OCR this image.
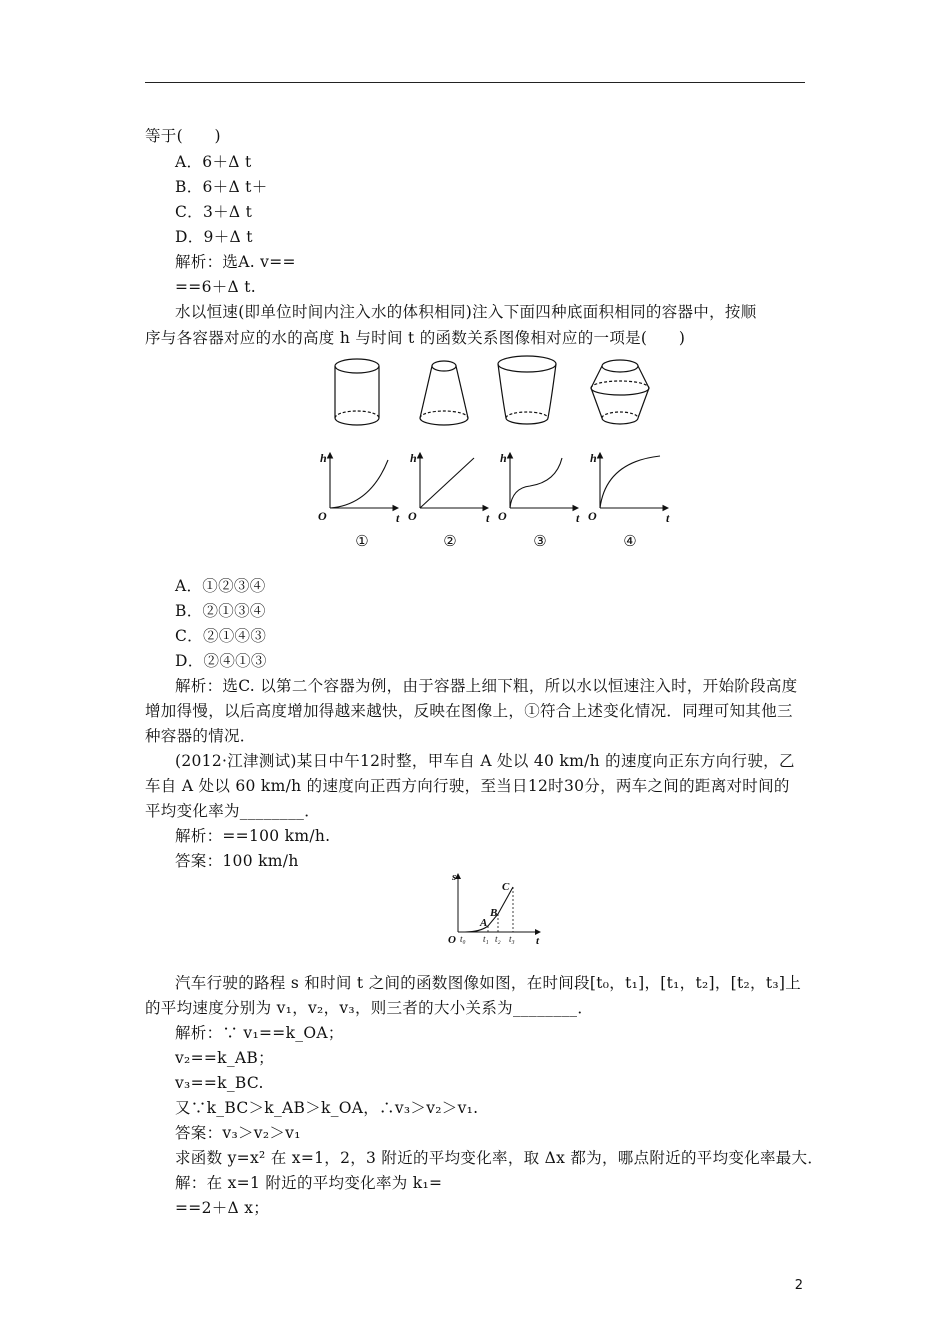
等于(　　)
A．6＋Δ t
B．6＋Δ t＋
C．3＋Δ t
D．9＋Δ t
解析：选A. v==
==6＋Δ t.
水以恒速(即单位时间内注入水的体积相同)注入下面四种底面积相同的容器中，按顺
序与各容器对应的水的高度 h 与时间 t 的函数关系图像相对应的一项是(　　)
h
t
O
h
t
O
h
t
O
h
t
O
①	②	③	④
A．①②③④
B．②①③④
C．②①④③
D．②④①③
解析：选C. 以第二个容器为例，由于容器上细下粗，所以水以恒速注入时，开始阶段高度
增加得慢，以后高度增加得越来越快，反映在图像上，①符合上述变化情况．同理可知其他三
种容器的情况．
(2012·江津测试)某日中午12时整，甲车自 A 处以 40 km/h 的速度向正东方向行驶，乙
车自 A 处以 60 km/h 的速度向正西方向行驶，至当日12时30分，两车之间的距离对时间的
平均变化率为________．
解析：==100 km/h.
答案：100 km/h
s
t
O
A
B
C
t₀ t₁ t₂ t₃
汽车行驶的路程 s 和时间 t 之间的函数图像如图，在时间段[t₀，t₁]，[t₁，t₂]，[t₂，t₃]上
的平均速度分别为 v₁，v₂，v₃，则三者的大小关系为________．
解析：∵ v₁==k_OA；
v₂==k_AB；
v₃==k_BC.
又∵k_BC＞k_AB＞k_OA，∴v₃＞v₂＞v₁.
答案：v₃＞v₂＞v₁
求函数 y=x² 在 x=1，2，3 附近的平均变化率，取 Δx 都为，哪点附近的平均变化率最大．
解：在 x=1 附近的平均变化率为 k₁=
==2＋Δ x；
2
